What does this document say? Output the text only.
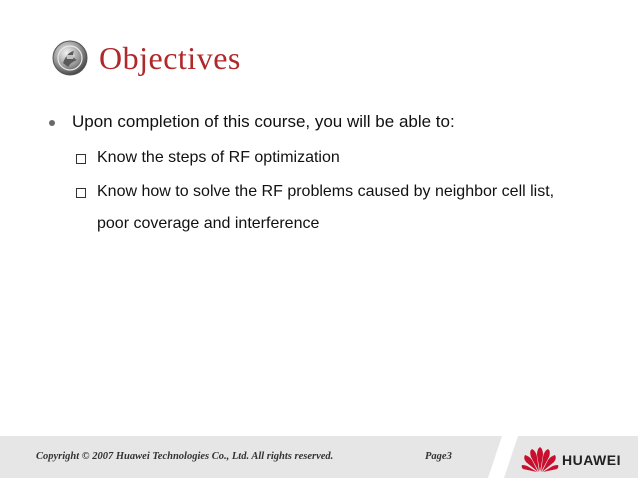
Objectives
Upon completion of this course, you will be able to:
Know the steps of RF optimization
Know how to solve the RF problems caused by neighbor cell list, poor coverage and interference
Copyright © 2007 Huawei Technologies Co., Ltd. All rights reserved.	Page3	HUAWEI
